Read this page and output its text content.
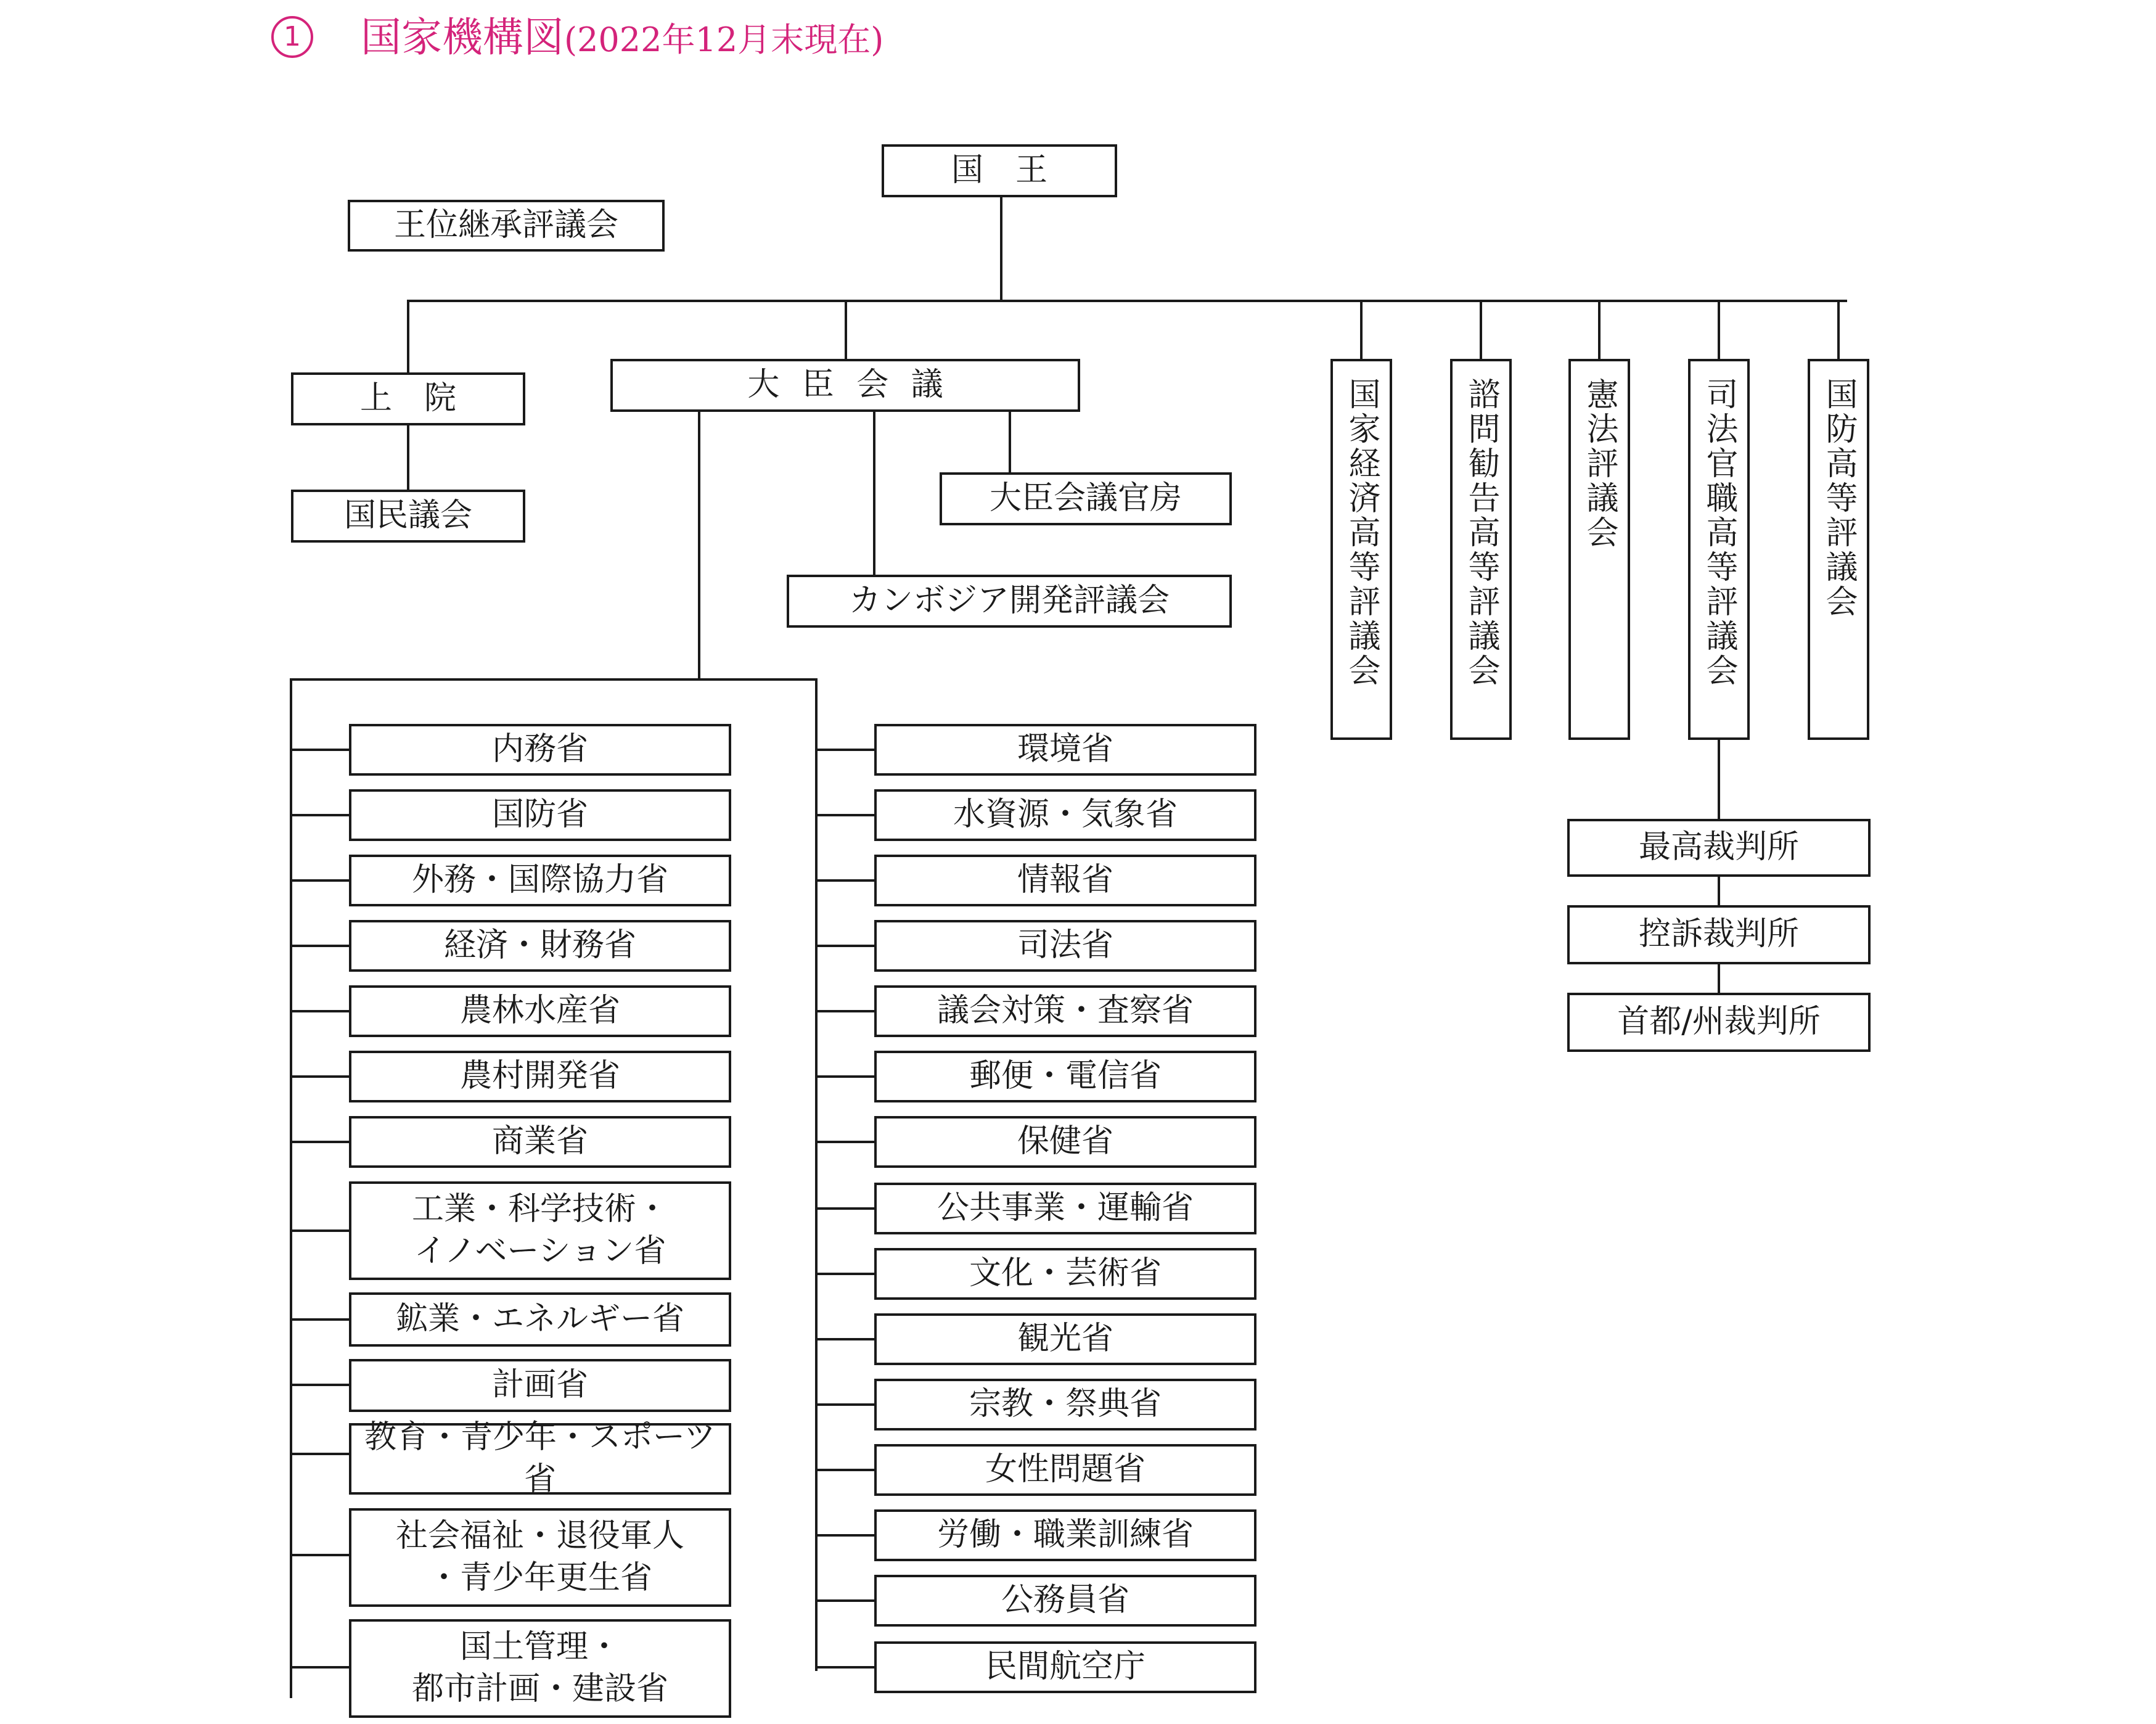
1	国家機構図(2022年12月末現在)
国　王
王位継承評議会
上　院
国民議会
大臣会議
大臣会議官房
カンボジア開発評議会	国家経済高等評議会	諮問勧告高等評議会	憲法評議会	司法官職高等評議会	国防高等評議会
最高裁判所
控訴裁判所
首都/州裁判所
内務省
国防省
外務・国際協力省
経済・財務省
農林水産省
農村開発省
商業省
工業・科学技術・
イノベーション省
鉱業・エネルギー省
計画省
教育・青少年・スポーツ省
社会福祉・退役軍人
・青少年更生省
国土管理・
都市計画・建設省
環境省
水資源・気象省
情報省
司法省
議会対策・査察省
郵便・電信省
保健省
公共事業・運輸省
文化・芸術省
観光省
宗教・祭典省
女性問題省
労働・職業訓練省
公務員省
民間航空庁
